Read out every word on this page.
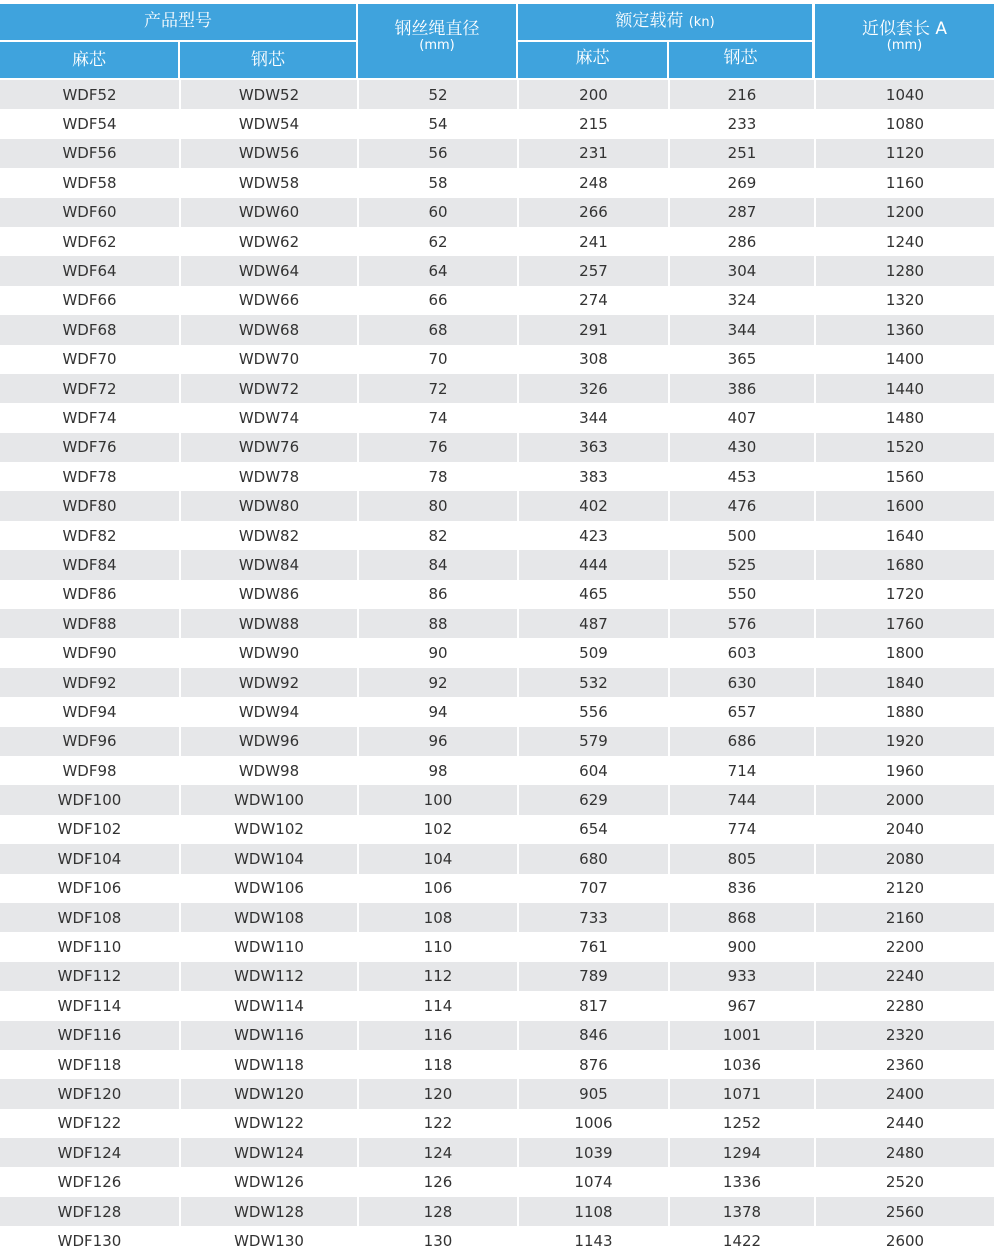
产品型号
麻芯	钢芯
钢丝绳直径
(mm)
额定载荷 (kn)
麻芯	钢芯
近似套长 A
(mm)
WDF52	WDW52	52	200	216	1040
WDF54	WDW54	54	215	233	1080
WDF56	WDW56	56	231	251	1120
WDF58	WDW58	58	248	269	1160
WDF60	WDW60	60	266	287	1200
WDF62	WDW62	62	241	286	1240
WDF64	WDW64	64	257	304	1280
WDF66	WDW66	66	274	324	1320
WDF68	WDW68	68	291	344	1360
WDF70	WDW70	70	308	365	1400
WDF72	WDW72	72	326	386	1440
WDF74	WDW74	74	344	407	1480
WDF76	WDW76	76	363	430	1520
WDF78	WDW78	78	383	453	1560
WDF80	WDW80	80	402	476	1600
WDF82	WDW82	82	423	500	1640
WDF84	WDW84	84	444	525	1680
WDF86	WDW86	86	465	550	1720
WDF88	WDW88	88	487	576	1760
WDF90	WDW90	90	509	603	1800
WDF92	WDW92	92	532	630	1840
WDF94	WDW94	94	556	657	1880
WDF96	WDW96	96	579	686	1920
WDF98	WDW98	98	604	714	1960
WDF100	WDW100	100	629	744	2000
WDF102	WDW102	102	654	774	2040
WDF104	WDW104	104	680	805	2080
WDF106	WDW106	106	707	836	2120
WDF108	WDW108	108	733	868	2160
WDF110	WDW110	110	761	900	2200
WDF112	WDW112	112	789	933	2240
WDF114	WDW114	114	817	967	2280
WDF116	WDW116	116	846	1001	2320
WDF118	WDW118	118	876	1036	2360
WDF120	WDW120	120	905	1071	2400
WDF122	WDW122	122	1006	1252	2440
WDF124	WDW124	124	1039	1294	2480
WDF126	WDW126	126	1074	1336	2520
WDF128	WDW128	128	1108	1378	2560
WDF130	WDW130	130	1143	1422	2600
